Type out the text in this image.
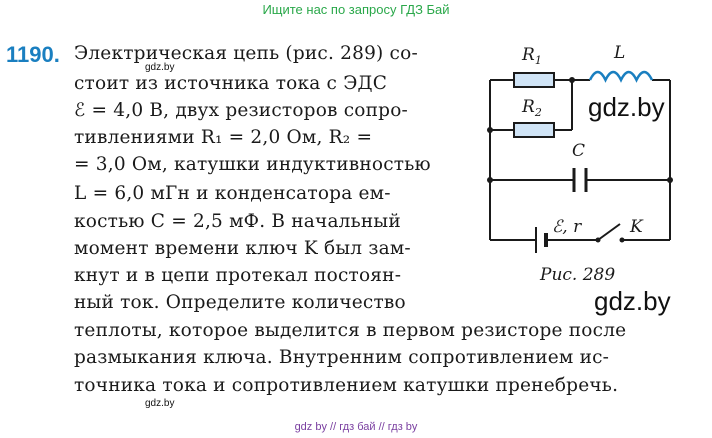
Ищите нас по запросу ГДЗ Бай
1190. Электрическая цепь (рис. 289) со-
стоит из источника тока с ЭДС
ℰ = 4,0 В, двух резисторов сопро-
тивлениями R₁ = 2,0 Ом, R₂ =
= 3,0 Ом, катушки индуктивностью
L = 6,0 мГн и конденсатора ем-
костью C = 2,5 мФ. В начальный
момент времени ключ K был зам-
кнут и в цепи протекал постоян-
ный ток. Определите количество
теплоты, которое выделится в первом резисторе после
размыкания ключа. Внутренним сопротивлением ис-
точника тока и сопротивлением катушки пренебречь.
$R_1$
$R_2$
L
C
ℰ, r	K
Рис. 289
gdz.by
gdz.by
gdz.by
gdz.by
gdz by // гдз бай // гдз by
